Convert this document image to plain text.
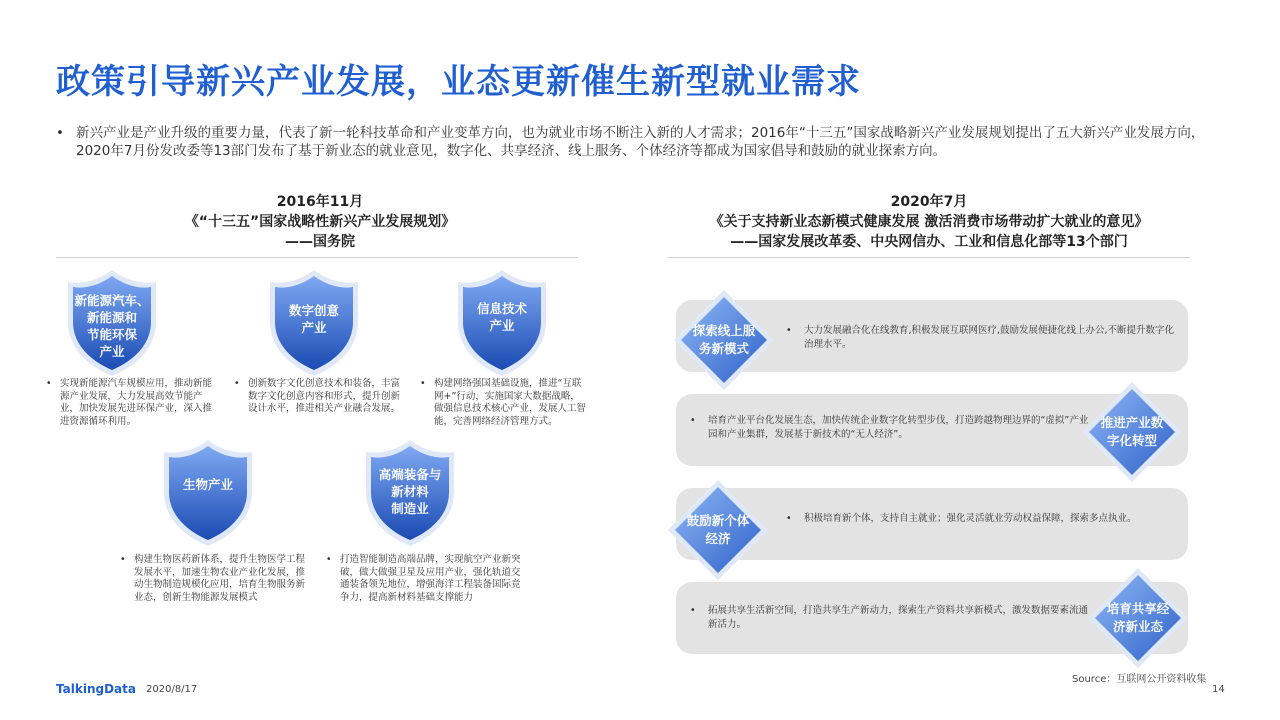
政策引导新兴产业发展，业态更新催生新型就业需求
• 新兴产业是产业升级的重要力量，代表了新一轮科技革命和产业变革方向，也为就业市场不断注入新的人才需求；2016年“十三五”国家战略新兴产业发展规划提出了五大新兴产业发展方向，2020年7月份发改委等13部门发布了基于新业态的就业意见，数字化、共享经济、线上服务、个体经济等都成为国家倡导和鼓励的就业探索方向。
2016年11月
《“十三五”国家战略性新兴产业发展规划》
——国务院
新能源汽车、
新能源和
节能环保
产业
数字创意
产业
信息技术
产业
生物产业
高端装备与
新材料
制造业
• 实现新能源汽车规模应用，推动新能源产业发展，大力发展高效节能产业，加快发展先进环保产业，深入推进资源循环利用。
• 创新数字文化创意技术和装备，丰富数字文化创意内容和形式，提升创新设计水平，推进相关产业融合发展。
• 构建网络强国基础设施，推进“互联网+”行动，实施国家大数据战略，做强信息技术核心产业，发展人工智能，完善网络经济管理方式。
• 构建生物医药新体系，提升生物医学工程发展水平，加速生物农业产业化发展，推动生物制造规模化应用，培育生物服务新业态，创新生物能源发展模式
• 打造智能制造高端品牌，实现航空产业新突破，做大做强卫星及应用产业，强化轨道交通装备领先地位，增强海洋工程装备国际竞争力，提高新材料基础支撑能力
2020年7月
《关于支持新业态新模式健康发展 激活消费市场带动扩大就业的意见》
——国家发展改革委、中央网信办、工业和信息化部等13个部门
•	大力发展融合化在线教育,积极发展互联网医疗,鼓励发展便捷化线上办公,不断提升数字化治理水平。
•	培育产业平台化发展生态，加快传统企业数字化转型步伐，打造跨越物理边界的“虚拟”产业园和产业集群，发展基于新技术的“无人经济”。
•	积极培育新个体，支持自主就业；强化灵活就业劳动权益保障，探索多点执业。
•	拓展共享生活新空间，打造共享生产新动力，探索生产资料共享新模式，激发数据要素流通新活力。
探索线上服
务新模式
推进产业数
字化转型
鼓励新个体
经济
培育共享经
济新业态
Source：互联网公开资料收集
TalkingData 2020/8/17	14
